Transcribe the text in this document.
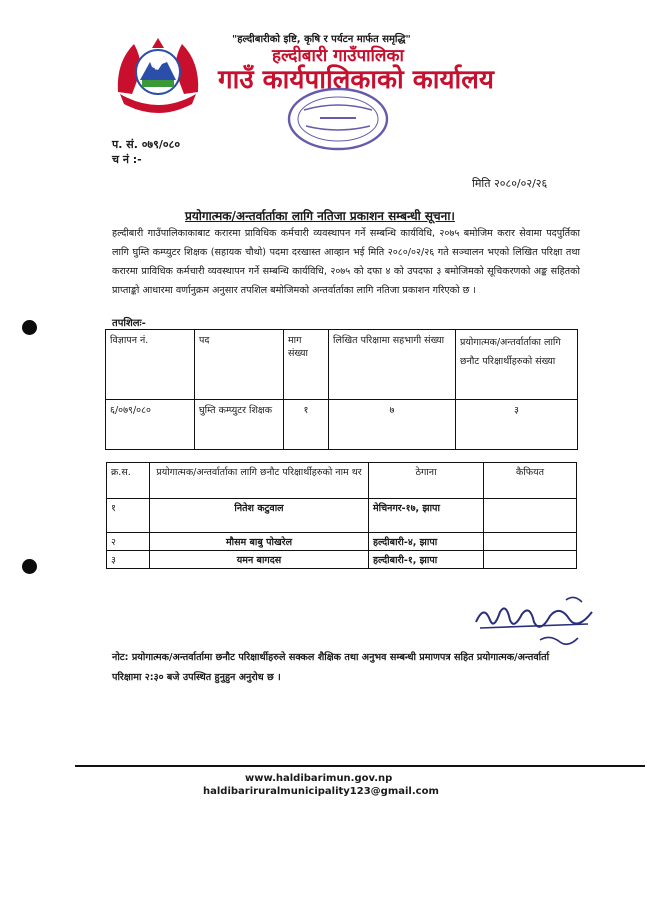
"हल्दीबारीको इष्टि, कृषि र पर्यटन मार्फत समृद्धि"
हल्दीबारी गाउँपालिका
गाउँ कार्यपालिकाको कार्यालय
प. सं. ०७९/०८०
च नं :-
मिति २०८०/०२/२६
प्रयोगात्मक/अन्तर्वार्ताका लागि नतिजा प्रकाशन सम्बन्धी सूचना।
हल्दीबारी गाउँपालिकाकाबाट करारमा प्राविधिक कर्मचारी व्यवस्थापन गर्ने सम्बन्धि कार्यविधि, २०७५ बमोजिम करार सेवामा पदपुर्तिका लागि घुम्ति कम्प्युटर शिक्षक (सहायक चौथो) पदमा दरखास्त आव्हान भई मिति २०८०/०२/२६ गते सञ्चालन भएको लिखित परिक्षा तथा करारमा प्राविधिक कर्मचारी व्यवस्थापन गर्ने सम्बन्धि कार्यविधि, २०७५ को दफा ४ को उपदफा ३ बमोजिमको सूचिकरणको अङ्क सहितको प्राप्ताङ्को आधारमा वर्णानुक्रम अनुसार तपशिल बमोजिमको अन्तर्वार्ताका लागि नतिजा प्रकाशन गरिएको छ ।
तपशिलः-
विज्ञापन नं.	पद	माग संख्या	लिखित परिक्षामा सहभागी संख्या	प्रयोगात्मक/अन्तर्वार्ताका लागि छनौट परिक्षार्थीहरुको संख्या
६/०७९/०८०	घुम्ति कम्प्युटर शिक्षक	१	७	३
क्र.स.	प्रयोगात्मक/अन्तर्वार्ताका लागि छनौट परिक्षार्थीहरुको नाम थर	ठेगाना	कैफियत
१	नितेश कटुवाल	मेचिनगर-१७, झापा	
२	मौसम बाबु पोखरेल	हल्दीबारी-४, झापा	
३	यमन बागदस	हल्दीबारी-१, झापा	
नोट: प्रयोगात्मक/अन्तर्वार्तामा छनौट परिक्षार्थीहरुले सक्कल शैक्षिक तथा अनुभव सम्बन्धी प्रमाणपत्र सहित प्रयोगात्मक/अन्तर्वार्ता परिक्षामा २:३० बजे उपस्थित हुनुहुन अनुरोध छ ।
www.haldibarimun.gov.np
haldibarirural​municipality123@gmail.com
